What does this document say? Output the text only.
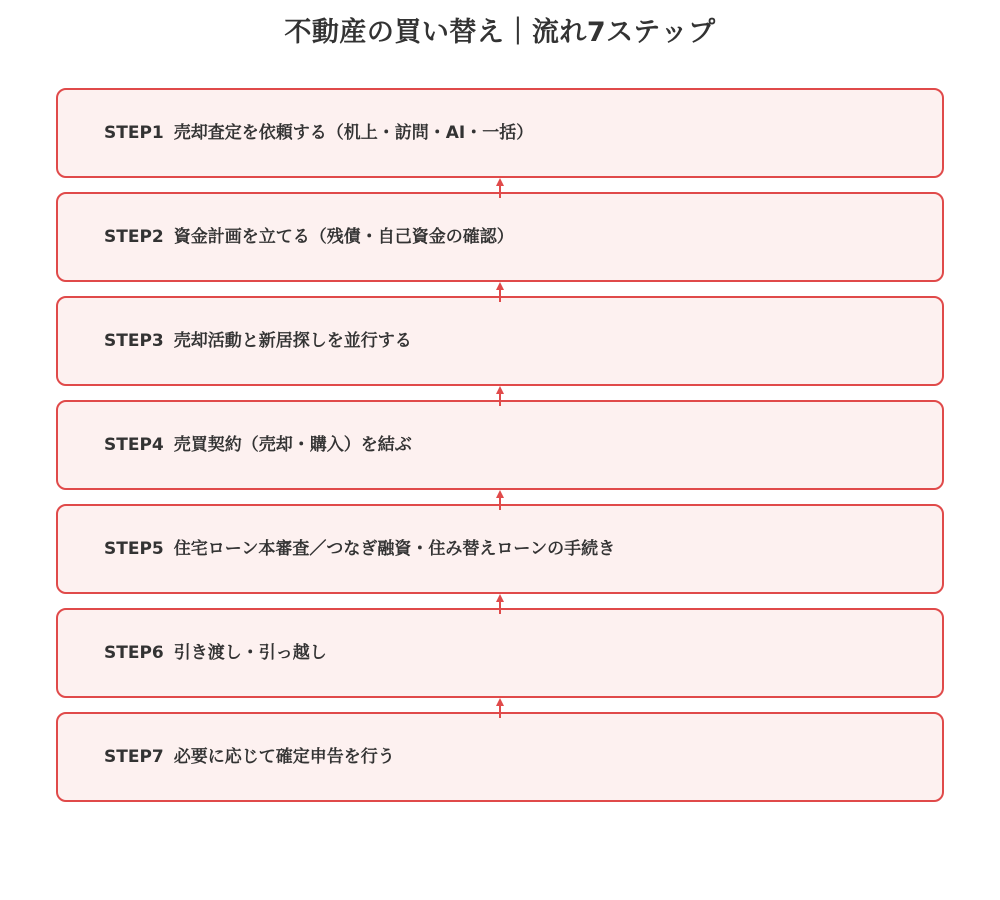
不動産の買い替え｜流れ7ステップ
STEP1 売却査定を依頼する（机上・訪問・AI・一括）
STEP2 資金計画を立てる（残債・自己資金の確認）
STEP3 売却活動と新居探しを並行する
STEP4 売買契約（売却・購入）を結ぶ
STEP5 住宅ローン本審査／つなぎ融資・住み替えローンの手続き
STEP6 引き渡し・引っ越し
STEP7 必要に応じて確定申告を行う
